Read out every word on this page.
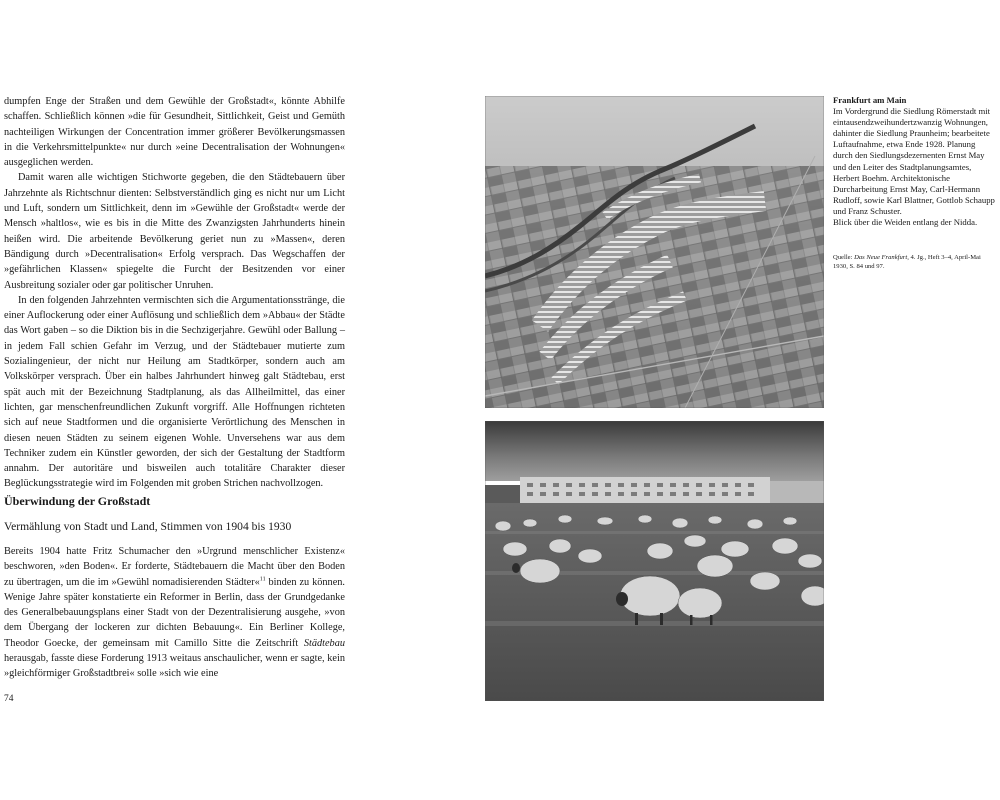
dumpfen Enge der Straßen und dem Gewühle der Großstadt«, könnte Abhilfe schaffen. Schließlich können »die für Gesundheit, Sittlichkeit, Geist und Gemüth nachteiligen Wirkungen der Concentration immer größerer Bevölkerungsmassen in die Verkehrsmittelpunkte« nur durch »eine Decentralisation der Wohnungen« ausgeglichen werden.

Damit waren alle wichtigen Stichworte gegeben, die den Städtebauern über Jahrzehnte als Richtschnur dienten: Selbstverständlich ging es nicht nur um Licht und Luft, sondern um Sittlichkeit, denn im »Gewühle der Großstadt« werde der Mensch »haltlos«, wie es bis in die Mitte des Zwanzigsten Jahrhunderts hinein heißen wird. Die arbeitende Bevölkerung geriet nun zu »Massen«, deren Bändigung durch »Decentralisation« Erfolg versprach. Das Wegschaffen der »gefährlichen Klassen« spiegelte die Furcht der Besitzenden vor einer Ausbreitung sozialer oder gar politischer Unruhen.

In den folgenden Jahrzehnten vermischten sich die Argumentationsstränge, die einer Auflockerung oder einer Auflösung und schließlich dem »Abbau« der Städte das Wort gaben – so die Diktion bis in die Sechzigerjahre. Gewühl oder Ballung – in jedem Fall schien Gefahr im Verzug, und der Städtebauer mutierte zum Sozialingenieur, der nicht nur Heilung am Stadtkörper, sondern auch am Volkskörper versprach. Über ein halbes Jahrhundert hinweg galt Städtebau, erst spät auch mit der Bezeichnung Stadtplanung, als das Allheilmittel, das einer lichten, gar menschenfreundlichen Zukunft vorgriff. Alle Hoffnungen richteten sich auf neue Stadtformen und die organisierte Verörtlichung des Menschen in diesen neuen Städten zu seinem eigenen Wohle. Unversehens war aus dem Techniker zudem ein Künstler geworden, der sich der Gestaltung der Stadtform annahm. Der autoritäre und bisweilen auch totalitäre Charakter dieser Beglückungsstrategie wird im Folgenden mit groben Strichen nachvollzogen.

Überwindung der Großstadt
Vermählung von Stadt und Land, Stimmen von 1904 bis 1930

Bereits 1904 hatte Fritz Schumacher den »Urgrund menschlicher Existenz« beschworen, »den Boden«. Er forderte, Städtebauern die Macht über den Boden zu übertragen, um die im »Gewühl nomadisierenden Städter«$^{11}$ binden zu können. Wenige Jahre später konstatierte ein Reformer in Berlin, dass der Grundgedanke des Generalbebauungsplans einer Stadt von der Dezentralisierung ausgehe, »von dem Übergang der lockeren zur dichten Bebauung«. Ein Berliner Kollege, Theodor Goecke, der gemeinsam mit Camillo Sitte die Zeitschrift Städtebau herausgab, fasste diese Forderung 1913 weitaus anschaulicher, wenn er sagte, kein »gleichförmiger Großstadtbrei« solle »sich wie eine

74
Frankfurt am Main
Im Vordergrund die Siedlung Römerstadt mit eintausendzweihundertzwanzig Wohnungen, dahinter die Siedlung Praunheim; bearbeitete Luftaufnahme, etwa Ende 1928. Planung durch den Siedlungsdezernenten Ernst May und den Leiter des Stadtplanungsamtes, Herbert Boehm. Architektonische Durcharbeitung Ernst May, Carl-Hermann Rudloff, sowie Karl Blattner, Gottlob Schaupp und Franz Schuster.
Blick über die Weiden entlang der Nidda.
Quelle: Das Neue Frankfurt, 4. Jg., Heft 3–4, April-Mai 1930, S. 84 und 97.
